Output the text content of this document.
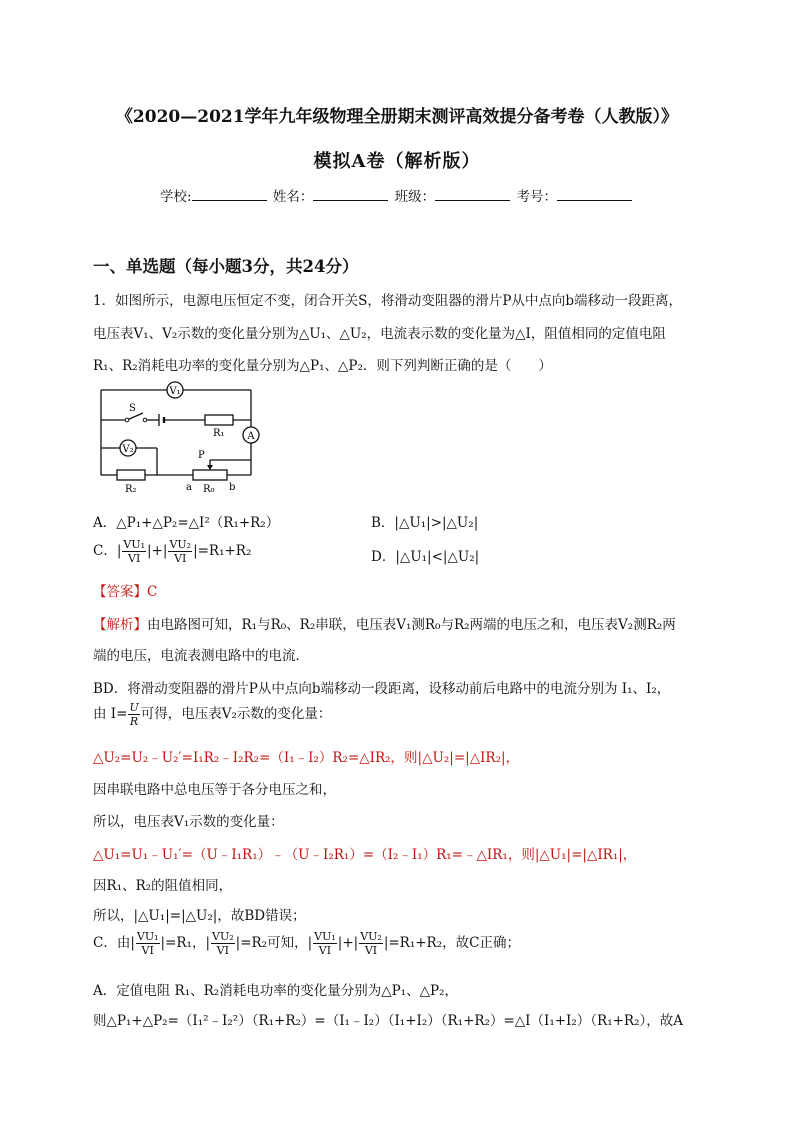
《2020—2021学年九年级物理全册期末测评高效提分备考卷（人教版）》
模拟A卷（解析版）
学校:	姓名：	班级：	考号：
一、单选题（每小题3分，共24分）
1．如图所示，电源电压恒定不变，闭合开关S，将滑动变阻器的滑片P从中点向b端移动一段距离，
电压表V₁、V₂示数的变化量分别为△U₁、△U₂，电流表示数的变化量为△I，阻值相同的定值电阻
R₁、R₂消耗电功率的变化量分别为△P₁、△P₂．则下列判断正确的是（　　）
V₁
V₂
A
S
R₁
R₂	R₀
P
a	b
A．△P₁+△P₂=△I²（R₁+R₂）	B．|△U₁|>|△U₂|
C．| $\frac{\text{VU₁}}{VI}$ |+| $\frac{\text{VU₂}}{VI} |=R_1+R_2$	D．|△U₁|<|△U₂|
【答案】C
【解析】由电路图可知，R₁与R₀、R₂串联，电压表V₁测R₀与R₂两端的电压之和，电压表V₂测R₂两
端的电压，电流表测电路中的电流．
BD．将滑动变阻器的滑片P从中点向b端移动一段距离，设移动前后电路中的电流分别为 I₁、I₂，
由 $I= \frac{U}{R}$ 可得，电压表V₂示数的变化量：
△U₂=U₂﹣U₂′=I₁R₂﹣I₂R₂=（I₁﹣I₂）R₂=△IR₂，则|△U₂|=|△IR₂|，
因串联电路中总电压等于各分电压之和，
所以，电压表V₁示数的变化量：
△U₁=U₁﹣U₁′=（U﹣I₁R₁）﹣（U﹣I₂R₁）=（I₂﹣I₁）R₁=﹣△IR₁，则|△U₁|=|△IR₁|，
因R₁、R₂的阻值相同，
所以，|△U₁|=|△U₂|，故BD错误；
C．由| $\frac{\text{VU₁}}{VI} |=R_1$，| $\frac{\text{VU₂}}{VI} |=R_2$可知，| $\frac{\text{VU₁}}{VI}$ |+| $\frac{\text{VU₂}}{VI} |=R_1+R_2$，故C正确；
A．定值电阻 R₁、R₂消耗电功率的变化量分别为△P₁、△P₂，
则△P₁+△P₂=（I₁²﹣I₂²）（R₁+R₂）=（I₁﹣I₂）（I₁+I₂）（R₁+R₂）=△I（I₁+I₂）（R₁+R₂），故A
